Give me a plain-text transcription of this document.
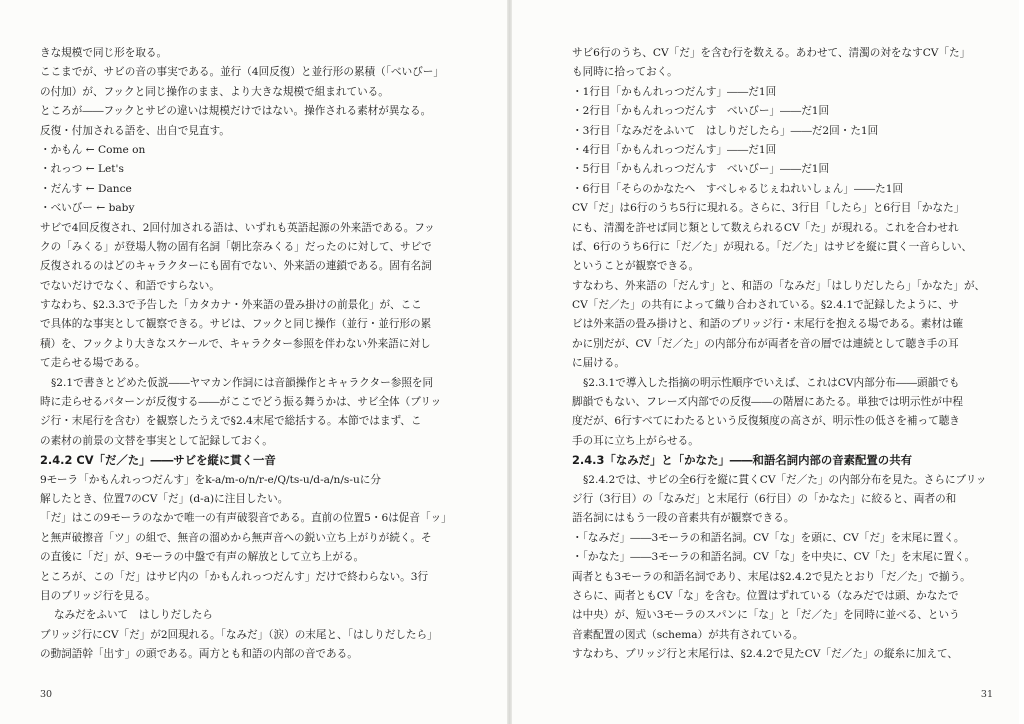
きな規模で同じ形を取る。
ここまでが、サビの音の事実である。並行（4回反復）と並行形の累積（「べいびー」
の付加）が、フックと同じ操作のまま、より大きな規模で組まれている。
ところが――フックとサビの違いは規模だけではない。操作される素材が異なる。
反復・付加される語を、出自で見直す。
・かもん ← Come on
・れっつ ← Let's
・だんす ← Dance
・べいびー ← baby
サビで4回反復され、2回付加される語は、いずれも英語起源の外来語である。フッ
クの「みくる」が登場人物の固有名詞「朝比奈みくる」だったのに対して、サビで
反復されるのはどのキャラクターにも固有でない、外来語の連鎖である。固有名詞
でないだけでなく、和語ですらない。
すなわち、§2.3.3で予告した「カタカナ・外来語の畳み掛けの前景化」が、ここ
で具体的な事実として観察できる。サビは、フックと同じ操作（並行・並行形の累
積）を、フックより大きなスケールで、キャラクター参照を伴わない外来語に対し
て走らせる場である。
§2.1で書きとどめた仮説――ヤマカン作詞には音韻操作とキャラクター参照を同
時に走らせるパターンが反復する――がここでどう振る舞うかは、サビ全体（ブリッ
ジ行・末尾行を含む）を観察したうえで§2.4末尾で総括する。本節ではまず、こ
の素材の前景の文替を事実として記録しておく。
2.4.2 CV「だ／た」――サビを縦に貫く一音
9モーラ「かもんれっつだんす」をk-a/m-o/n/r-e/Q/ts-u/d-a/n/s-uに分
解したとき、位置7のCV「だ」(d-a)に注目したい。
「だ」はこの9モーラのなかで唯一の有声破裂音である。直前の位置5・6は促音「ッ」
と無声破擦音「ツ」の組で、無音の溜めから無声音への鋭い立ち上がりが続く。そ
の直後に「だ」が、9モーラの中盤で有声の解放として立ち上がる。
ところが、この「だ」はサビ内の「かもんれっつだんす」だけで終わらない。3行
目のブリッジ行を見る。
なみだをふいて　はしりだしたら
ブリッジ行にCV「だ」が2回現れる。「なみだ」（涙）の末尾と、「はしりだしたら」
の動詞語幹「出す」の頭である。両方とも和語の内部の音である。
30
サビ6行のうち、CV「だ」を含む行を数える。あわせて、清濁の対をなすCV「た」
も同時に拾っておく。
・1行目「かもんれっつだんす」――だ1回
・2行目「かもんれっつだんす　べいびー」――だ1回
・3行目「なみだをふいて　はしりだしたら」――だ2回・た1回
・4行目「かもんれっつだんす」――だ1回
・5行目「かもんれっつだんす　べいびー」――だ1回
・6行目「そらのかなたへ　すべしゃるじぇねれいしょん」――た1回
CV「だ」は6行のうち5行に現れる。さらに、3行目「したら」と6行目「かなた」
にも、清濁を許せば同じ類として数えられるCV「た」が現れる。これを合わせれ
ば、6行のうち6行に「だ／た」が現れる。「だ／た」はサビを縦に貫く一音らしい、
ということが観察できる。
すなわち、外来語の「だんす」と、和語の「なみだ」「はしりだしたら」「かなた」が、
CV「だ／た」の共有によって織り合わされている。§2.4.1で記録したように、サ
ビは外来語の畳み掛けと、和語のブリッジ行・末尾行を抱える場である。素材は確
かに別だが、CV「だ／た」の内部分布が両者を音の層では連続として聴き手の耳
に届ける。
§2.3.1で導入した指摘の明示性順序でいえば、これはCV内部分布――頭韻でも
脚韻でもない、フレーズ内部での反復――の階層にあたる。単独では明示性が中程
度だが、6行すべてにわたるという反復頻度の高さが、明示性の低さを補って聴き
手の耳に立ち上がらせる。
2.4.3「なみだ」と「かなた」――和語名詞内部の音素配置の共有
§2.4.2では、サビの全6行を縦に貫くCV「だ／た」の内部分布を見た。さらにブリッ
ジ行（3行目）の「なみだ」と末尾行（6行目）の「かなた」に絞ると、両者の和
語名詞にはもう一段の音素共有が観察できる。
・「なみだ」――3モーラの和語名詞。CV「な」を頭に、CV「だ」を末尾に置く。
・「かなた」――3モーラの和語名詞。CV「な」を中央に、CV「た」を末尾に置く。
両者とも3モーラの和語名詞であり、末尾は§2.4.2で見たとおり「だ／た」で揃う。
さらに、両者ともCV「な」を含む。位置はずれている（なみだでは頭、かなたで
は中央）が、短い3モーラのスパンに「な」と「だ／た」を同時に並べる、という
音素配置の図式（schema）が共有されている。
すなわち、ブリッジ行と末尾行は、§2.4.2で見たCV「だ／た」の縦糸に加えて、
31
